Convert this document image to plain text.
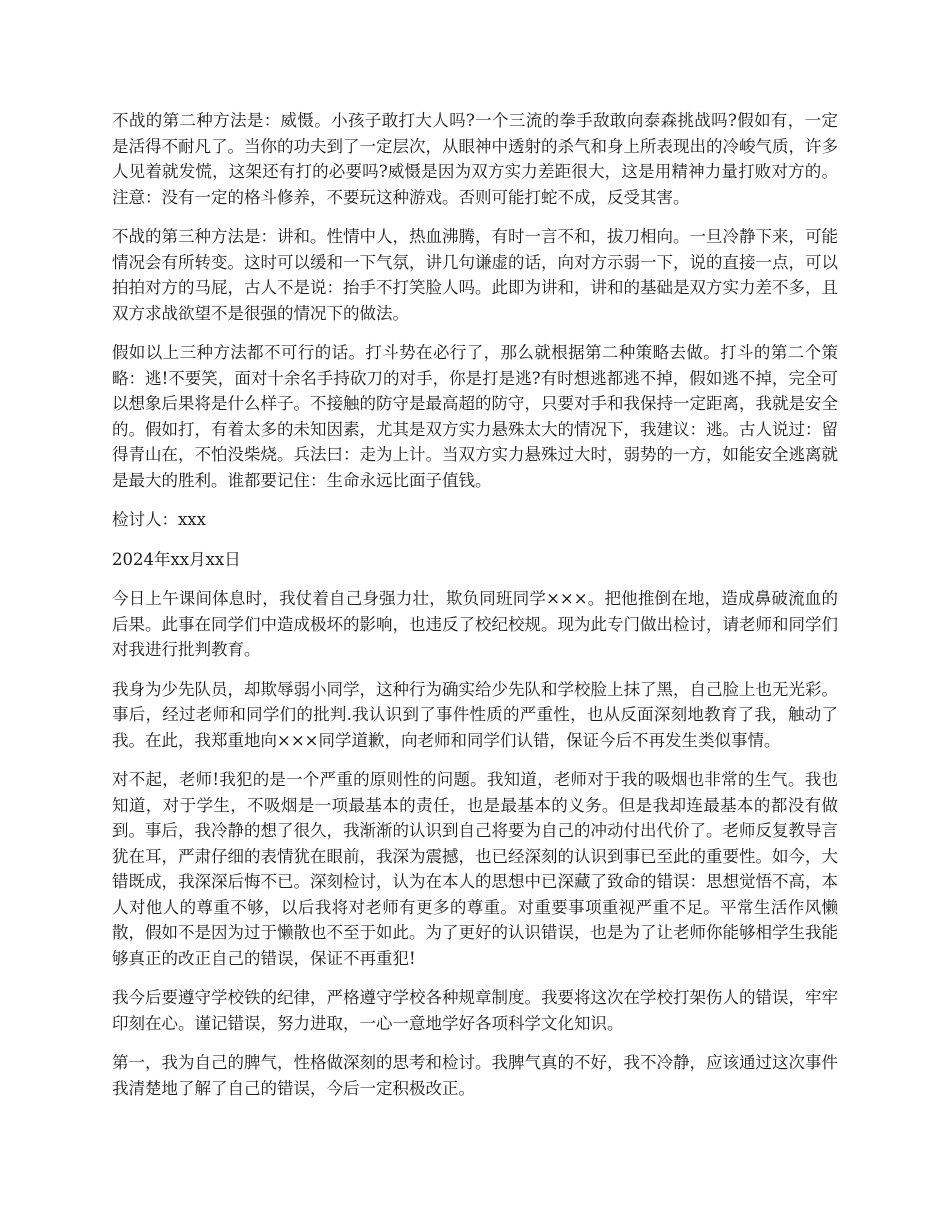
不战的第二种方法是：威慑。小孩子敢打大人吗?一个三流的拳手敌敢向泰森挑战吗?假如有，一定是活得不耐凡了。当你的功夫到了一定层次，从眼神中透射的杀气和身上所表现出的冷峻气质，许多人见着就发慌，这架还有打的必要吗?威慑是因为双方实力差距很大，这是用精神力量打败对方的。注意：没有一定的格斗修养，不要玩这种游戏。否则可能打蛇不成，反受其害。

不战的第三种方法是：讲和。性情中人，热血沸腾，有时一言不和，拔刀相向。一旦冷静下来，可能情况会有所转变。这时可以缓和一下气氛，讲几句谦虚的话，向对方示弱一下，说的直接一点，可以拍拍对方的马屁，古人不是说：抬手不打笑脸人吗。此即为讲和，讲和的基础是双方实力差不多，且双方求战欲望不是很强的情况下的做法。

假如以上三种方法都不可行的话。打斗势在必行了，那么就根据第二种策略去做。打斗的第二个策略：逃!不要笑，面对十余名手持砍刀的对手，你是打是逃?有时想逃都逃不掉，假如逃不掉，完全可以想象后果将是什么样子。不接触的防守是最高超的防守，只要对手和我保持一定距离，我就是安全的。假如打，有着太多的未知因素，尤其是双方实力悬殊太大的情况下，我建议：逃。古人说过：留得青山在，不怕没柴烧。兵法曰：走为上计。当双方实力悬殊过大时，弱势的一方，如能安全逃离就是最大的胜利。谁都要记住：生命永远比面子值钱。

检讨人：xxx

2024年xx月xx日

今日上午课间体息时，我仗着自己身强力壮，欺负同班同学×××。把他推倒在地，造成鼻破流血的后果。此事在同学们中造成极坏的影响，也违反了校纪校规。现为此专门做出检讨，请老师和同学们对我进行批判教育。

我身为少先队员，却欺辱弱小同学，这种行为确实给少先队和学校脸上抹了黑，自己脸上也无光彩。事后，经过老师和同学们的批判.我认识到了事件性质的严重性，也从反面深刻地教育了我，触动了我。在此，我郑重地向×××同学道歉，向老师和同学们认错，保证今后不再发生类似事情。

对不起，老师!我犯的是一个严重的原则性的问题。我知道，老师对于我的吸烟也非常的生气。我也知道，对于学生，不吸烟是一项最基本的责任，也是最基本的义务。但是我却连最基本的都没有做到。事后，我冷静的想了很久，我渐渐的认识到自己将要为自己的冲动付出代价了。老师反复教导言犹在耳，严肃仔细的表情犹在眼前，我深为震撼，也已经深刻的认识到事已至此的重要性。如今，大错既成，我深深后悔不已。深刻检讨，认为在本人的思想中已深藏了致命的错误：思想觉悟不高，本人对他人的尊重不够，以后我将对老师有更多的尊重。对重要事项重视严重不足。平常生活作风懒散，假如不是因为过于懒散也不至于如此。为了更好的认识错误，也是为了让老师你能够相学生我能够真正的改正自己的错误，保证不再重犯!

我今后要遵守学校铁的纪律，严格遵守学校各种规章制度。我要将这次在学校打架伤人的错误，牢牢印刻在心。谨记错误，努力进取，一心一意地学好各项科学文化知识。

第一，我为自己的脾气，性格做深刻的思考和检讨。我脾气真的不好，我不冷静，应该通过这次事件我清楚地了解了自己的错误，今后一定积极改正。
